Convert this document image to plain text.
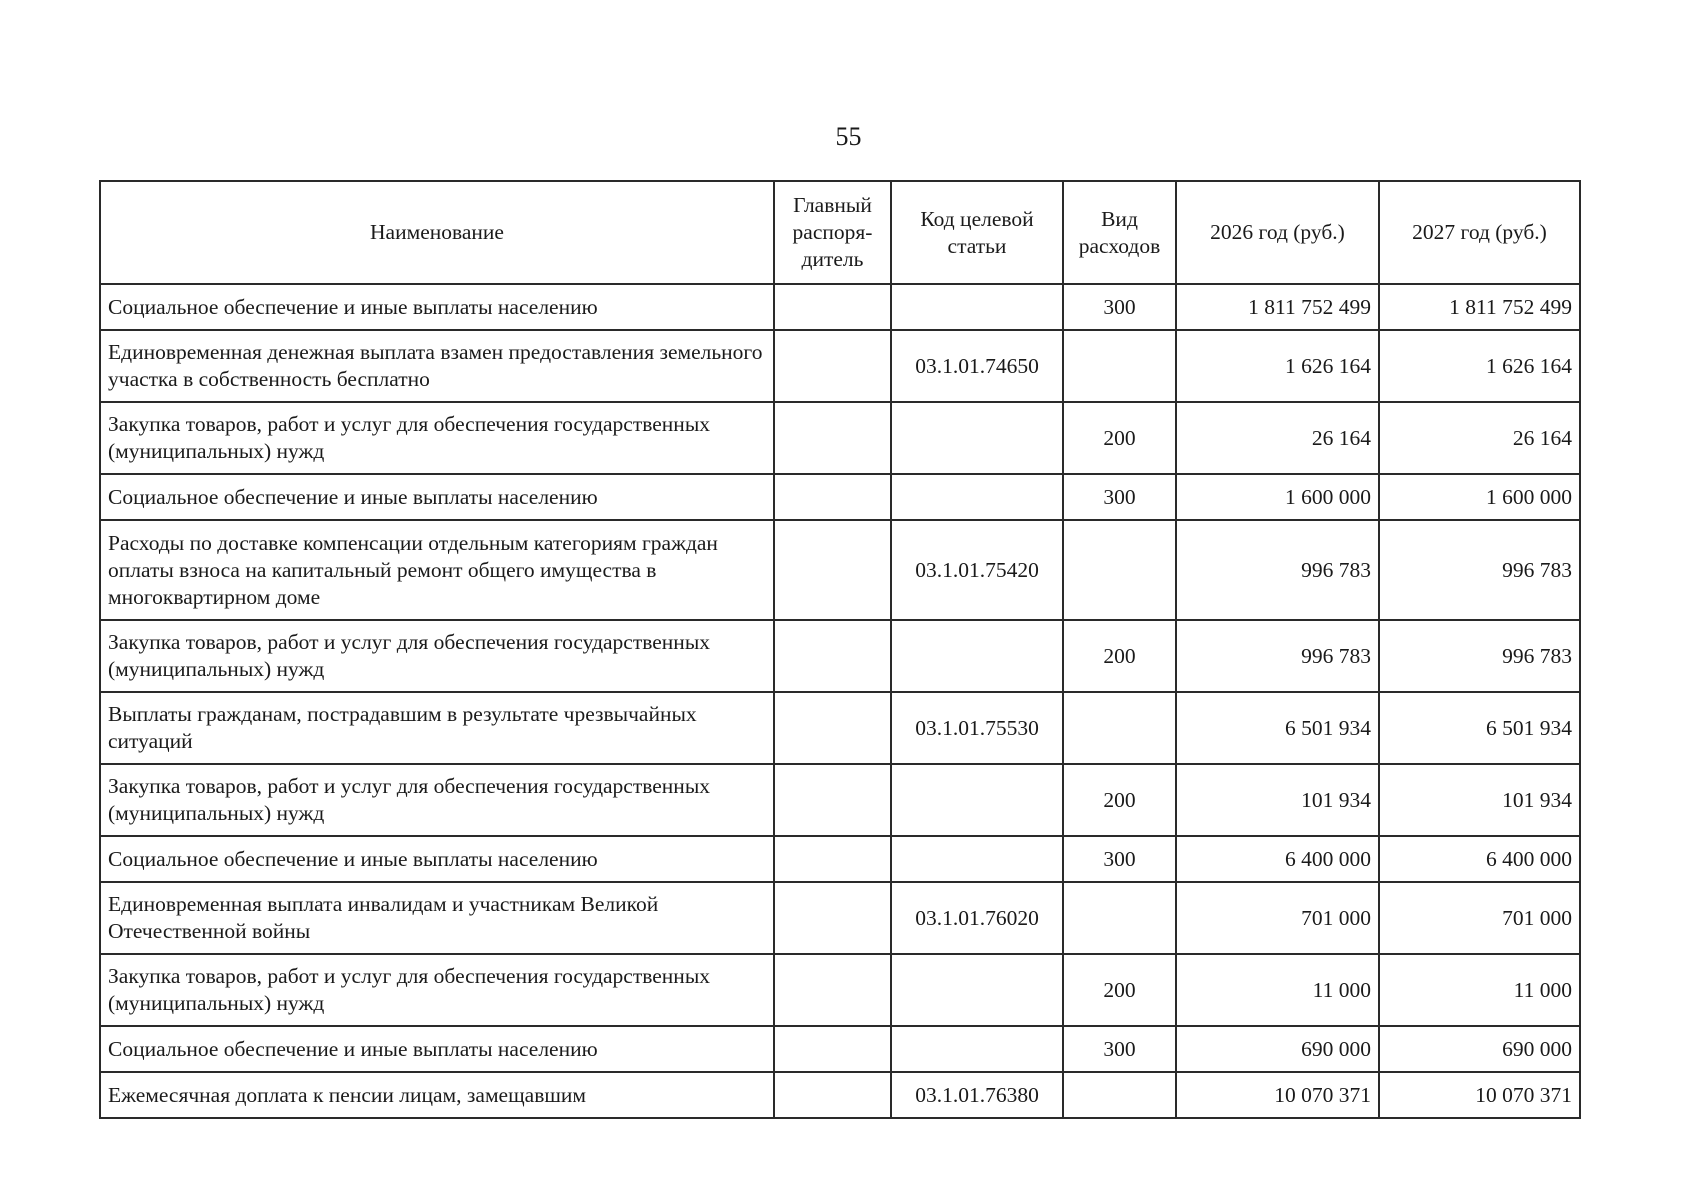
55
Наименование	Главный распоря-дитель	Код целевой статьи	Вид расходов	2026 год (руб.)	2027 год (руб.)
Социальное обеспечение и иные выплаты населению			300	1 811 752 499	1 811 752 499
Единовременная денежная выплата взамен предоставления земельного участка в собственность бесплатно		03.1.01.74650		1 626 164	1 626 164
Закупка товаров, работ и услуг для обеспечения государственных (муниципальных) нужд			200	26 164	26 164
Социальное обеспечение и иные выплаты населению			300	1 600 000	1 600 000
Расходы по доставке компенсации отдельным категориям граждан оплаты взноса на капитальный ремонт общего имущества в многоквартирном доме		03.1.01.75420		996 783	996 783
Закупка товаров, работ и услуг для обеспечения государственных (муниципальных) нужд			200	996 783	996 783
Выплаты гражданам, пострадавшим в результате чрезвычайных ситуаций		03.1.01.75530		6 501 934	6 501 934
Закупка товаров, работ и услуг для обеспечения государственных (муниципальных) нужд			200	101 934	101 934
Социальное обеспечение и иные выплаты населению			300	6 400 000	6 400 000
Единовременная выплата инвалидам и участникам Великой Отечественной войны		03.1.01.76020		701 000	701 000
Закупка товаров, работ и услуг для обеспечения государственных (муниципальных) нужд			200	11 000	11 000
Социальное обеспечение и иные выплаты населению			300	690 000	690 000
Ежемесячная доплата к пенсии лицам, замещавшим		03.1.01.76380		10 070 371	10 070 371
